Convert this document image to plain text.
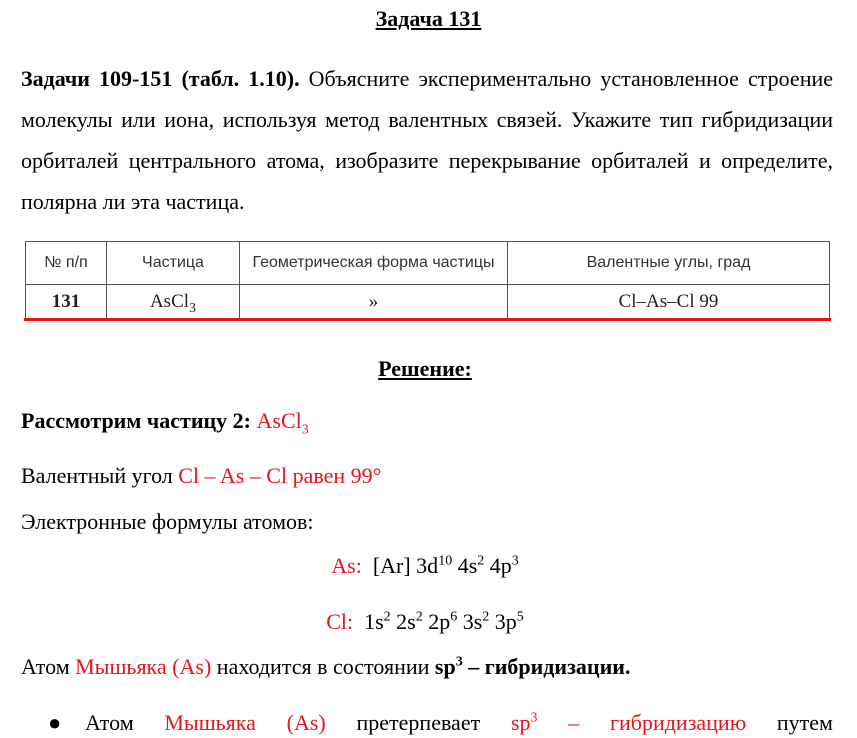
Задача 131
Задачи 109-151 (табл. 1.10). Объясните экспериментально установленное строение молекулы или иона, используя метод валентных связей. Укажите тип гибридизации орбиталей центрального атома, изобразите перекрывание орбиталей и определите, полярна ли эта частица.
№ п/п	Частица	Геометрическая форма частицы	Валентные углы, град
131	AsCl$_3$	»	Cl–As–Cl 99
Решение:
Рассмотрим частицу 2: AsCl$_3$
Валентный угол Cl – As – Cl равен 99°
Электронные формулы атомов:
As: [Ar] $3d^{10}$ $4s^2$ $4p^3$
Cl: $1s^2$ $2s^2$ $2p^6$ $3s^2$ $3p^5$
Атом Мышьяка (As) находится в состоянии $sp^3$ – гибридизации.
● Атом Мышьяка (As) претерпевает $sp^3$ – гибридизацию путем
